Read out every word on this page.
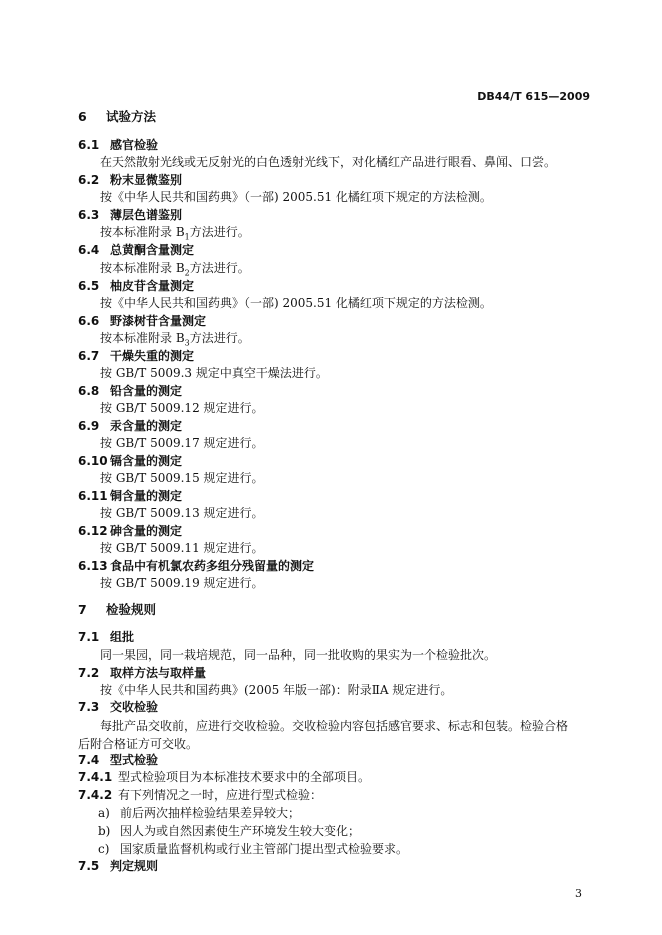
DB44/T 615—2009
6 试验方法
6.1 感官检验
在天然散射光线或无反射光的白色透射光线下，对化橘红产品进行眼看、鼻闻、口尝。
6.2 粉末显微鉴别
按《中华人民共和国药典》（一部) 2005.51 化橘红项下规定的方法检测。
6.3 薄层色谱鉴别
按本标准附录 $B_1$方法进行。
6.4 总黄酮含量测定
按本标准附录 $B_2$方法进行。
6.5 柚皮苷含量测定
按《中华人民共和国药典》（一部) 2005.51 化橘红项下规定的方法检测。
6.6 野漆树苷含量测定
按本标准附录 $B_3$方法进行。
6.7 干燥失重的测定
按 GB/T 5009.3 规定中真空干燥法进行。
6.8 铅含量的测定
按 GB/T 5009.12 规定进行。
6.9 汞含量的测定
按 GB/T 5009.17 规定进行。
6.10 镉含量的测定
按 GB/T 5009.15 规定进行。
6.11 铜含量的测定
按 GB/T 5009.13 规定进行。
6.12 砷含量的测定
按 GB/T 5009.11 规定进行。
6.13 食品中有机氯农药多组分残留量的测定
按 GB/T 5009.19 规定进行。
7 检验规则
7.1 组批
同一果园，同一栽培规范，同一品种，同一批收购的果实为一个检验批次。
7.2 取样方法与取样量
按《中华人民共和国药典》(2005 年版一部)：附录ⅡA 规定进行。
7.3 交收检验
每批产品交收前，应进行交收检验。交收检验内容包括感官要求、标志和包装。检验合格后附合格证方可交收。
7.4 型式检验
7.4.1 型式检验项目为本标准技术要求中的全部项目。
7.4.2 有下列情况之一时，应进行型式检验：
a) 前后两次抽样检验结果差异较大；
b) 因人为或自然因素使生产环境发生较大变化；
c) 国家质量监督机构或行业主管部门提出型式检验要求。
7.5 判定规则
3
